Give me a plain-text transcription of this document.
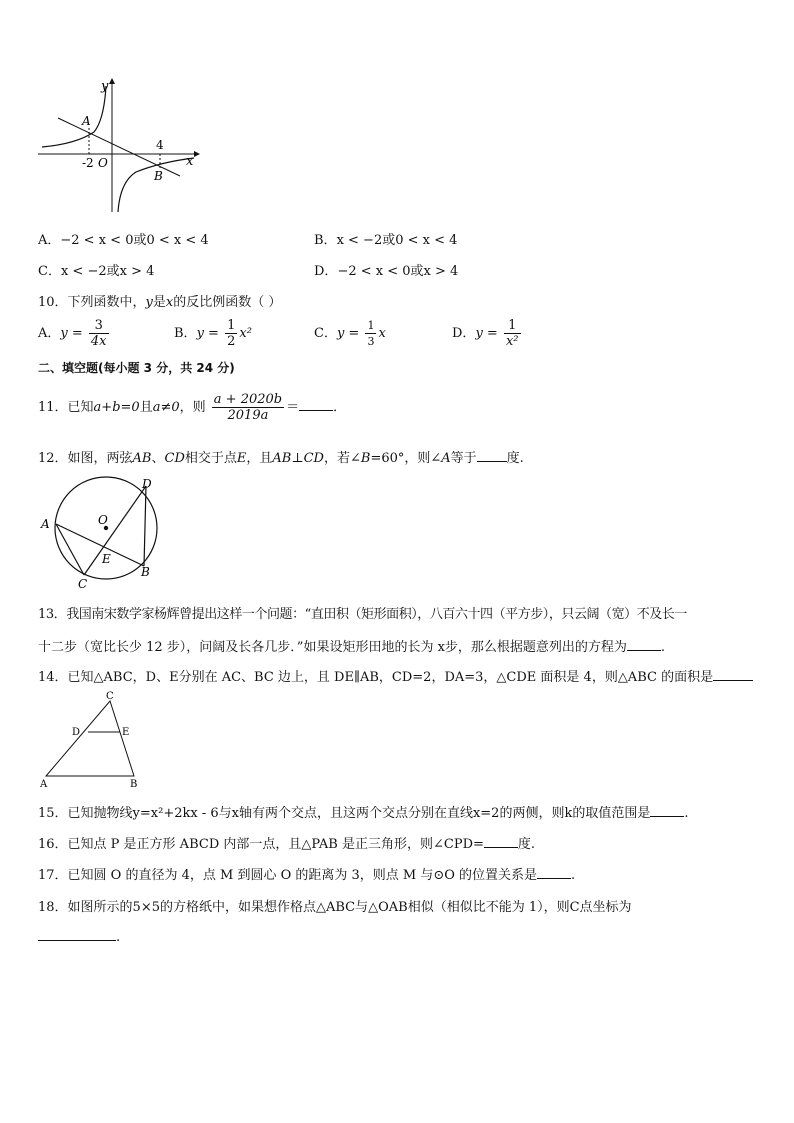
y
x
A
B
-2 O
4
A．−2 < x < 0或0 < x < 4	B．x < −2或0 < x < 4
C．x < −2或x > 4	D．−2 < x < 0或x > 4
10．下列函数中，y是x的反比例函数（ ）
A．$y = \frac{3}{4x}$	B．$y = \frac{1}{2} x^2$	C．$y = \frac{1}{3}$ x	D．$y = \frac{1}{\text{x²}}$
二、填空题(每小题 3 分，共 24 分)
11．已知a+b=0且a≠0，则 $\frac{a + 2020b}{2019a}$ ＝	．
12．如图，两弦AB、CD相交于点E，且AB⊥CD，若∠B=60°，则∠A等于 度.
D
A	O
E
C
B
13．我国南宋数学家杨辉曾提出这样一个问题：“直田积（矩形面积），八百六十四（平方步），只云阔（宽）不及长一
十二步（宽比长少 12 步），问阔及长各几步．”如果设矩形田地的长为 x步，那么根据题意列出的方程为	.
14．已知△ABC，D、E分别在 AC、BC 边上，且 DE∥AB，CD=2，DA=3，△CDE 面积是 4，则△ABC 的面积是
C
D	E
A	B
15．已知抛物线y=x²+2kx - 6与x轴有两个交点，且这两个交点分别在直线x=2的两侧，则k的取值范围是	.
16．已知点 P 是正方形 ABCD 内部一点，且△PAB 是正三角形，则∠CPD=	度.
17．已知圆 O 的直径为 4，点 M 到圆心 O 的距离为 3，则点 M 与⊙O 的位置关系是	.
18．如图所示的5×5的方格纸中，如果想作格点△ABC与△OAB相似（相似比不能为 1），则C点坐标为
.
